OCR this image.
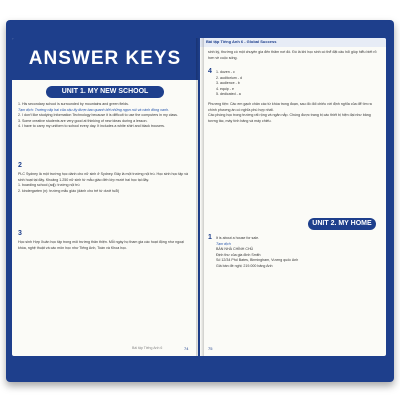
ANSWER KEYS
UNIT 1. MY NEW SCHOOL
1. His secondary school is surrounded by mountains and green fields.
Tạm dịch: Trường cấp hai của cậu ấy được bao quanh bởi những ngọn núi và cánh đồng xanh.
2. I don't like studying Information Technology because it is difficult to use the computers in my class.
3. Some creative students are very good at thinking of new ideas during a lesson.
4. I have to carry my uniform to school every day. It includes a white shirt and black trousers.
2
PLC Sydney là một trường học dành cho nữ sinh ở Sydney. Đây là một trường nội trú. Học sinh học tập và sinh hoạt tại đây. Khoảng 1.250 nữ sinh từ mẫu giáo đến lớp mười hai học tại đây.
1. boarding school (adj): trường nội trú
2. kindergarten (n): trường mẫu giáo (dành cho trẻ từ dưới tuổi)
3
Học sinh Hợp Xuân học tập trong môi trường thân thiện. Mỗi ngày họ tham gia các hoạt động như ngoại khóa, nghệ thuật và các môn học như Tiếng Anh, Toán và Khoa học.
Bài tập Tiếng Anh 6	74
Bài tập Tiếng Anh 6 - Global Success
sinh kỳ, thường có một chuyên gia đến thăm nơi đó. Đó là khi học sinh có thể đặt câu hỏi giúp hiểu biết rõ hơn về cuộc sống.
4 1. dozen - c
2. auditorium - d
3. audience - b
4. equip - e
5. dedicated - a
Phương tiện: Các em gạch chân các từ khóa trong đoạn, sau đó đối chiếu với định nghĩa của để tìm ra chính phương án có nghĩa phù hợp nhất.
Các phòng học trong trường rất rộng và ngăn nắp. Chúng được trang bị các thiết bị hiện đại như bảng tương tác, máy tính bảng và máy chiếu.
UNIT 2. MY HOME
1 It is about a house for sale.
Tạm dịch
BÁN NHÀ CHÍNH CHỦ
Định thư của gia đình Smith
Số 12/34 Phố Bates, Birmingham, Vương quốc Anh
Giá bán đề nghị: 219.000 bảng Anh
75
